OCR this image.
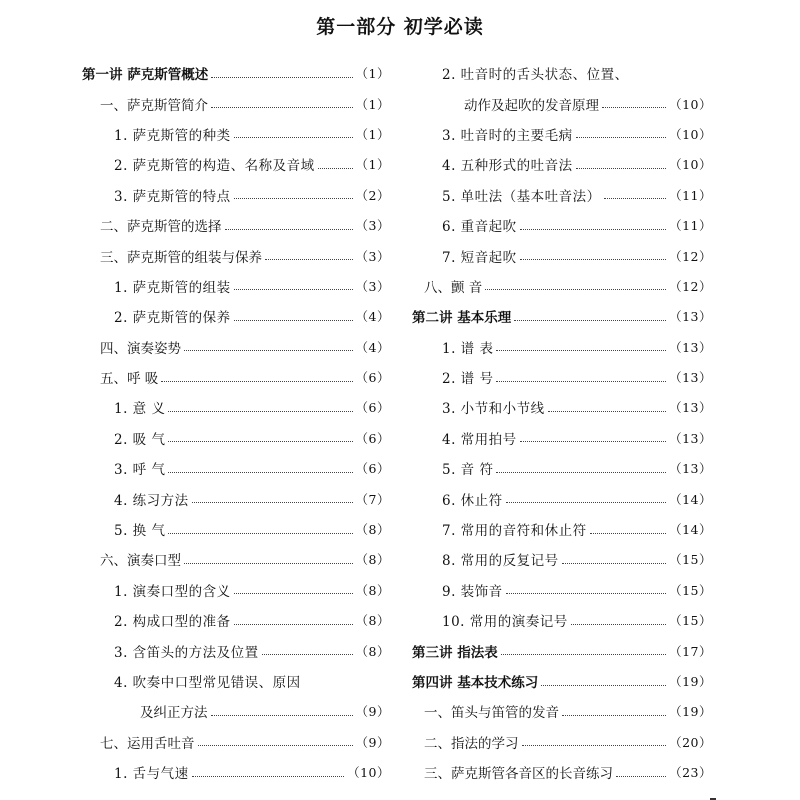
第一部分 初学必读
第一讲 萨克斯管概述	（1）
一、萨克斯管简介	（1）
1. 萨克斯管的种类	（1）
2. 萨克斯管的构造、名称及音域	（1）
3. 萨克斯管的特点	（2）
二、萨克斯管的选择	（3）
三、萨克斯管的组装与保养	（3）
1. 萨克斯管的组装	（3）
2. 萨克斯管的保养	（4）
四、演奏姿势	（4）
五、呼 吸	（6）
1. 意 义	（6）
2. 吸 气	（6）
3. 呼 气	（6）
4. 练习方法	（7）
5. 换 气	（8）
六、演奏口型	（8）
1. 演奏口型的含义	（8）
2. 构成口型的准备	（8）
3. 含笛头的方法及位置	（8）
4. 吹奏中口型常见错误、原因
及纠正方法	（9）
七、运用舌吐音	（9）
1. 舌与气速	（10）
2. 吐音时的舌头状态、位置、
动作及起吹的发音原理	（10）
3. 吐音时的主要毛病	（10）
4. 五种形式的吐音法	（10）
5. 单吐法（基本吐音法）	（11）
6. 重音起吹	（11）
7. 短音起吹	（12）
八、颤 音	（12）
第二讲 基本乐理	（13）
1. 谱 表	（13）
2. 谱 号	（13）
3. 小节和小节线	（13）
4. 常用拍号	（13）
5. 音 符	（13）
6. 休止符	（14）
7. 常用的音符和休止符	（14）
8. 常用的反复记号	（15）
9. 装饰音	（15）
10. 常用的演奏记号	（15）
第三讲 指法表	（17）
第四讲 基本技术练习	（19）
一、笛头与笛管的发音	（19）
二、指法的学习	（20）
三、萨克斯管各音区的长音练习	（23）
